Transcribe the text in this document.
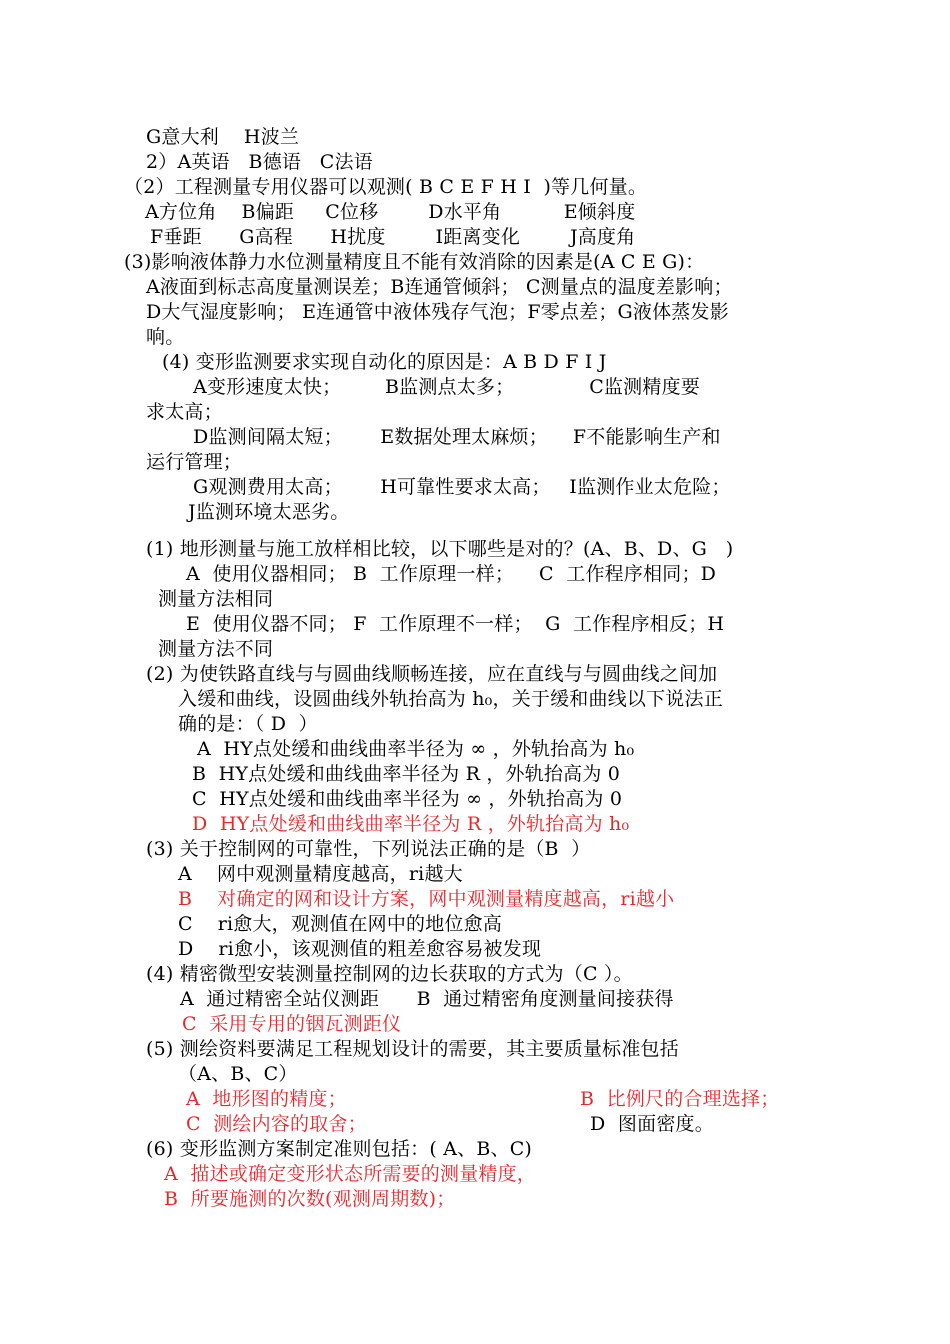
G意大利    H波兰
2）A英语   B德语   C法语
（2）工程测量专用仪器可以观测( B C E F H I  )等几何量。
A方位角    B偏距     C位移        D水平角          E倾斜度
F垂距      G高程      H扰度        I距离变化        J高度角
(3)影响液体静力水位测量精度且不能有效消除的因素是(A C E G)：
A液面到标志高度量测误差；B连通管倾斜； C测量点的温度差影响；
D大气湿度影响； E连通管中液体残存气泡；F零点差；G液体蒸发影
响。
(4) 变形监测要求实现自动化的原因是：A B D F I J
A变形速度太快；       B监测点太多；            C监测精度要
求太高；
D监测间隔太短；      E数据处理太麻烦；    F不能影响生产和
运行管理；
G观测费用太高；      H可靠性要求太高；   I监测作业太危险；
J监测环境太恶劣。
(1) 地形测量与施工放样相比较，以下哪些是对的？(A、B、D、G   )
A  使用仪器相同； B  工作原理一样；    C  工作程序相同；D
测量方法相同
E  使用仪器不同； F  工作原理不一样；  G  工作程序相反；H
测量方法不同
(2) 为使铁路直线与与圆曲线顺畅连接，应在直线与与圆曲线之间加
入缓和曲线，设圆曲线外轨抬高为 h₀，关于缓和曲线以下说法正
确的是：（ D  ）
A  HY点处缓和曲线曲率半径为 ∞ ，外轨抬高为 h₀
B  HY点处缓和曲线曲率半径为 R ，外轨抬高为 0
C  HY点处缓和曲线曲率半径为 ∞ ，外轨抬高为 0
D  HY点处缓和曲线曲率半径为 R ，外轨抬高为 h₀
(3) 关于控制网的可靠性，下列说法正确的是（B  ）
A    网中观测量精度越高，ri越大
B    对确定的网和设计方案，网中观测量精度越高，ri越小
C    ri愈大，观测值在网中的地位愈高
D    ri愈小，该观测值的粗差愈容易被发现
(4) 精密微型安装测量控制网的边长获取的方式为（C ）。
A  通过精密全站仪测距      B  通过精密角度测量间接获得
C  采用专用的铟瓦测距仪
(5) 测绘资料要满足工程规划设计的需要，其主要质量标准包括
（A、B、C）
A  地形图的精度；	B  比例尺的合理选择；
C  测绘内容的取舍；	D  图面密度。
(6) 变形监测方案制定准则包括：( A、B、C)
A  描述或确定变形状态所需要的测量精度，
B  所要施测的次数(观测周期数)；
